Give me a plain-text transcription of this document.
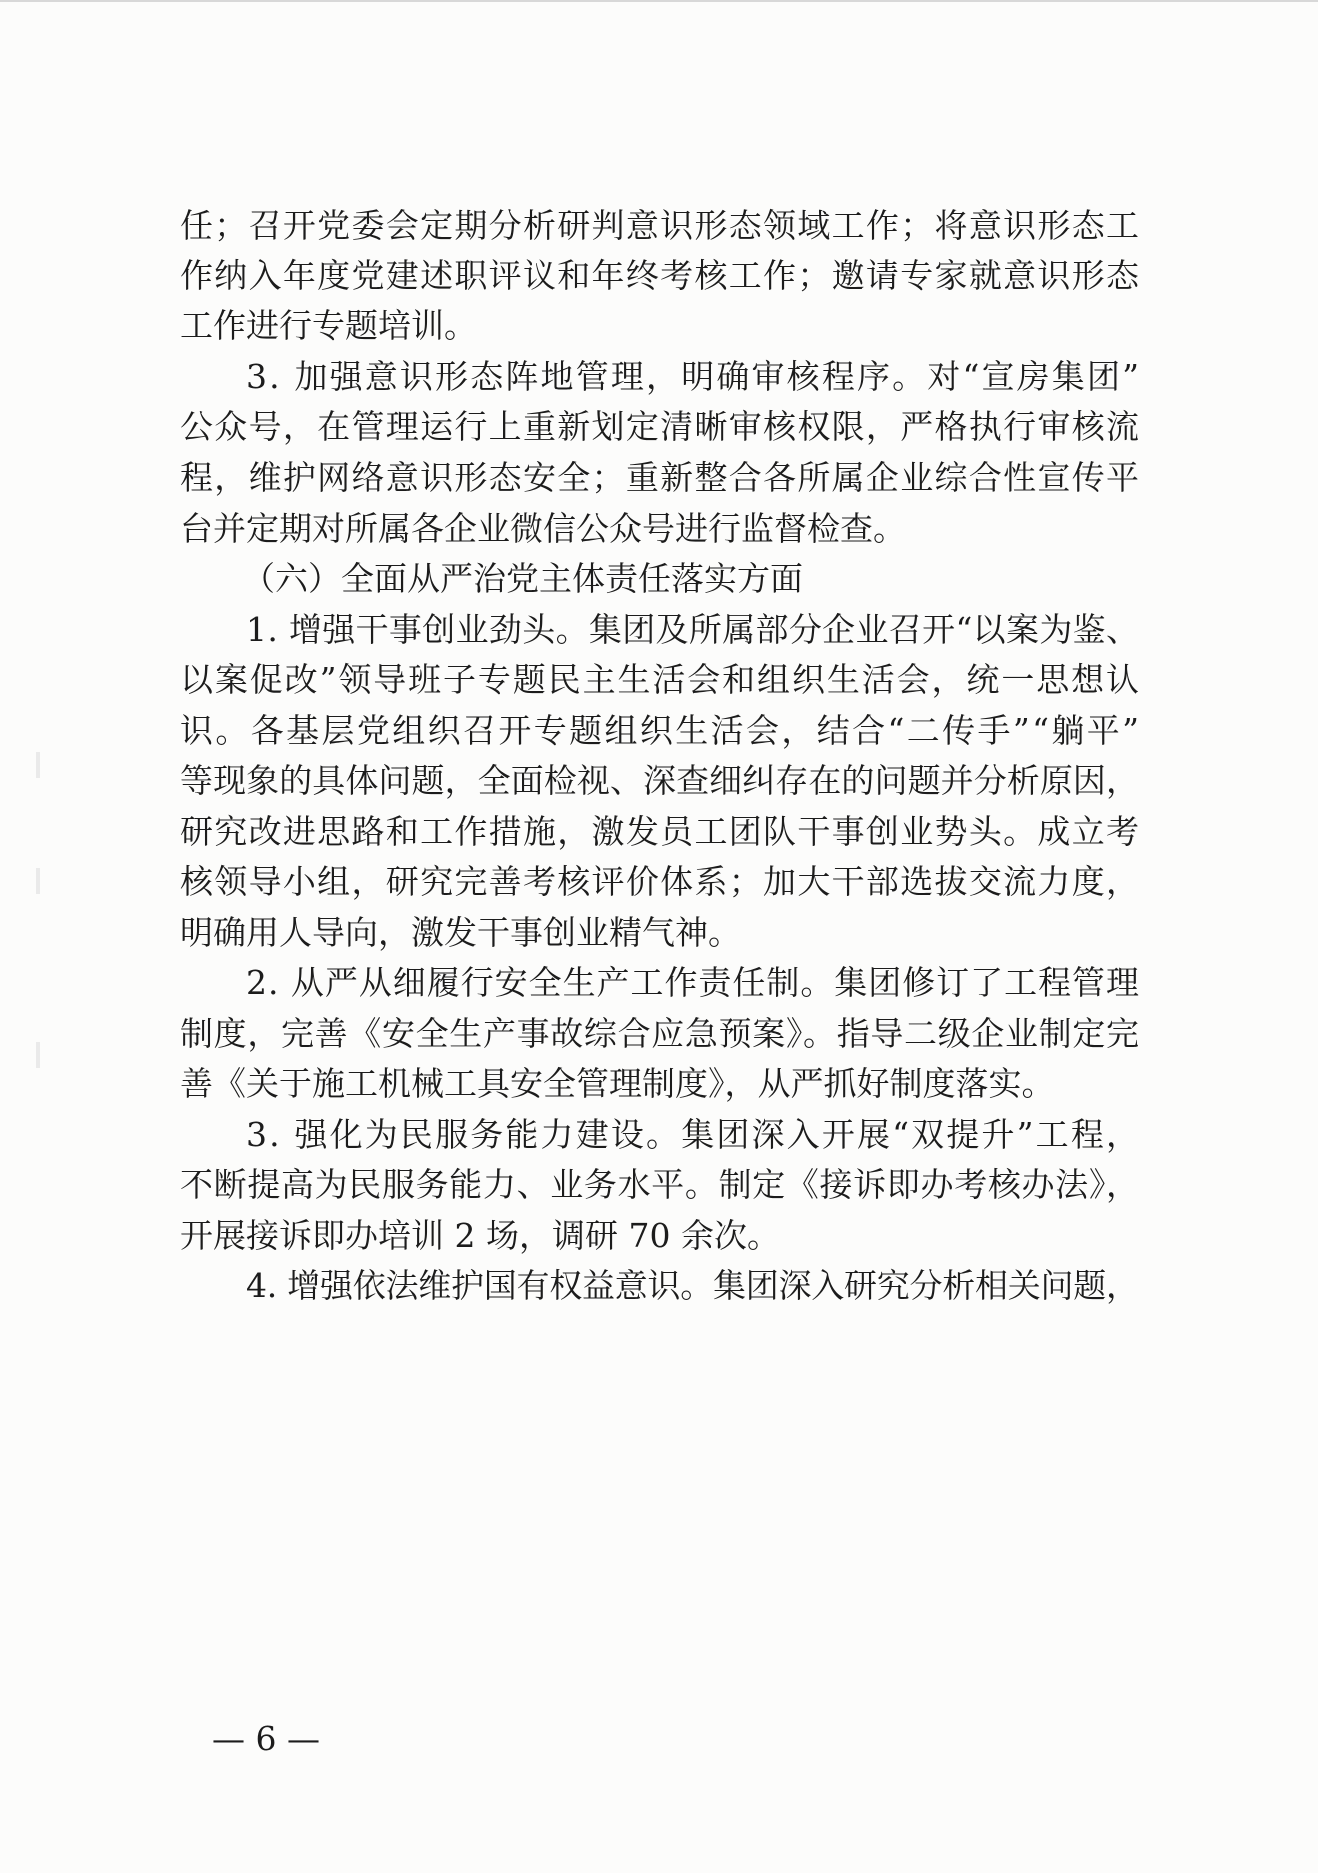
任；召开党委会定期分析研判意识形态领域工作；将意识形态工
作纳入年度党建述职评议和年终考核工作；邀请专家就意识形态
工作进行专题培训。
3. 加强意识形态阵地管理，明确审核程序。对“宣房集团”
公众号，在管理运行上重新划定清晰审核权限，严格执行审核流
程，维护网络意识形态安全；重新整合各所属企业综合性宣传平
台并定期对所属各企业微信公众号进行监督检查。
（六）全面从严治党主体责任落实方面
1. 增强干事创业劲头。集团及所属部分企业召开“以案为鉴、
以案促改”领导班子专题民主生活会和组织生活会，统一思想认
识。各基层党组织召开专题组织生活会，结合“二传手”“躺平”
等现象的具体问题，全面检视、深查细纠存在的问题并分析原因，
研究改进思路和工作措施，激发员工团队干事创业势头。成立考
核领导小组，研究完善考核评价体系；加大干部选拔交流力度，
明确用人导向，激发干事创业精气神。
2. 从严从细履行安全生产工作责任制。集团修订了工程管理
制度，完善《安全生产事故综合应急预案》。指导二级企业制定完
善《关于施工机械工具安全管理制度》，从严抓好制度落实。
3. 强化为民服务能力建设。集团深入开展“双提升”工程，
不断提高为民服务能力、业务水平。制定《接诉即办考核办法》，
开展接诉即办培训 2 场，调研 70 余次。
4. 增强依法维护国有权益意识。集团深入研究分析相关问题，
— 6 —
